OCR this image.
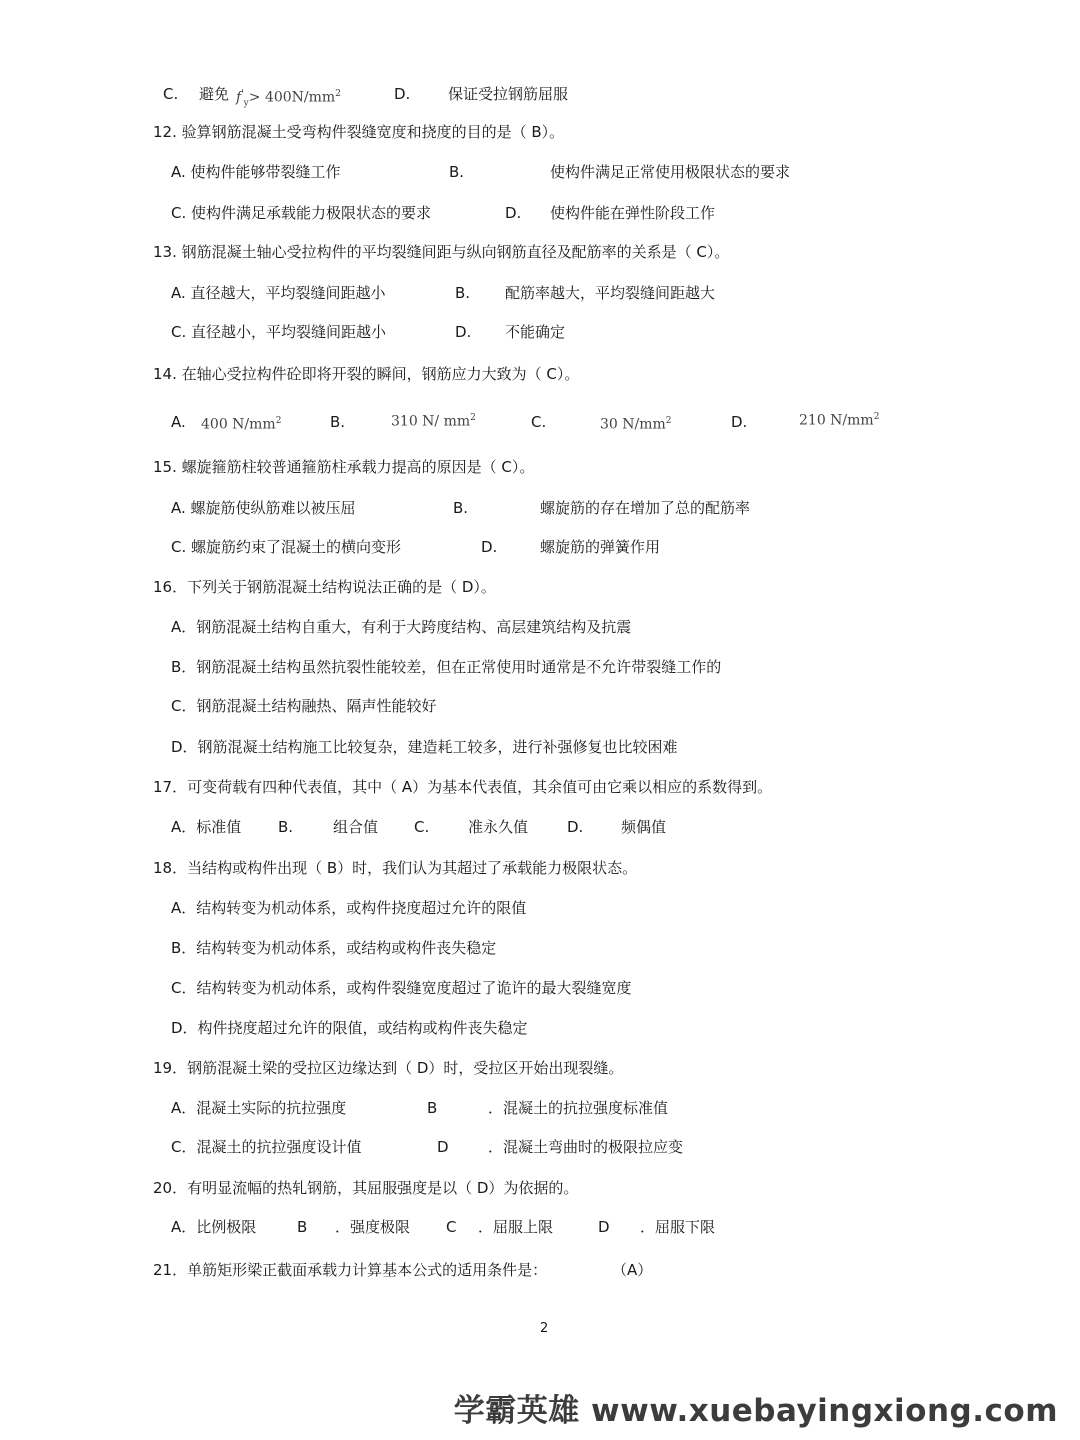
C. 避免 $f'_y> 400N/mm^2$	D.	保证受拉钢筋屈服
12. 验算钢筋混凝土受弯构件裂缝宽度和挠度的目的是（ B）。
A. 使构件能够带裂缝工作	B.	使构件满足正常使用极限状态的要求
C. 使构件满足承载能力极限状态的要求	D. 使构件能在弹性阶段工作
13. 钢筋混凝土轴心受拉构件的平均裂缝间距与纵向钢筋直径及配筋率的关系是（ C）。
A. 直径越大，平均裂缝间距越小	B. 配筋率越大，平均裂缝间距越大
C. 直径越小，平均裂缝间距越小	D. 不能确定
14. 在轴心受拉构件砼即将开裂的瞬间，钢筋应力大致为（ C）。
A. 400 $N/mm^2$	B.	310 N/ $mm^2$	C.	30 $N/mm^2$	D.	210 $N/mm^2$
15. 螺旋箍筋柱较普通箍筋柱承载力提高的原因是（ C）。
A. 螺旋筋使纵筋难以被压屈	B.	螺旋筋的存在增加了总的配筋率
C. 螺旋筋约束了混凝土的横向变形	D.	螺旋筋的弹簧作用
16．下列关于钢筋混凝土结构说法正确的是（ D）。
A．钢筋混凝土结构自重大，有利于大跨度结构、高层建筑结构及抗震
B．钢筋混凝土结构虽然抗裂性能较差，但在正常使用时通常是不允许带裂缝工作的
C．钢筋混凝土结构融热、隔声性能较好
D．钢筋混凝土结构施工比较复杂，建造耗工较多，进行补强修复也比较困难
17．可变荷载有四种代表值，其中（ A）为基本代表值，其余值可由它乘以相应的系数得到。
A．标准值 B.	组合值 C.	准永久值	D.	频偶值
18．当结构或构件出现（ B）时，我们认为其超过了承载能力极限状态。
A．结构转变为机动体系，或构件挠度超过允许的限值
B．结构转变为机动体系，或结构或构件丧失稳定
C．结构转变为机动体系，或构件裂缝宽度超过了诡许的最大裂缝宽度
D．构件挠度超过允许的限值，或结构或构件丧失稳定
19．钢筋混凝土梁的受拉区边缘达到（ D）时，受拉区开始出现裂缝。
A．混凝土实际的抗拉强度	B	．混凝土的抗拉强度标准值
C．混凝土的抗拉强度设计值	D	．混凝土弯曲时的极限拉应变
20．有明显流幅的热轧钢筋，其屈服强度是以（ D）为依据的。
A．比例极限	B ．强度极限 C ．屈服上限	D ．屈服下限
21．单筋矩形梁正截面承载力计算基本公式的适用条件是：	（A）
2
学霸英雄 www.xuebayingxiong.com
